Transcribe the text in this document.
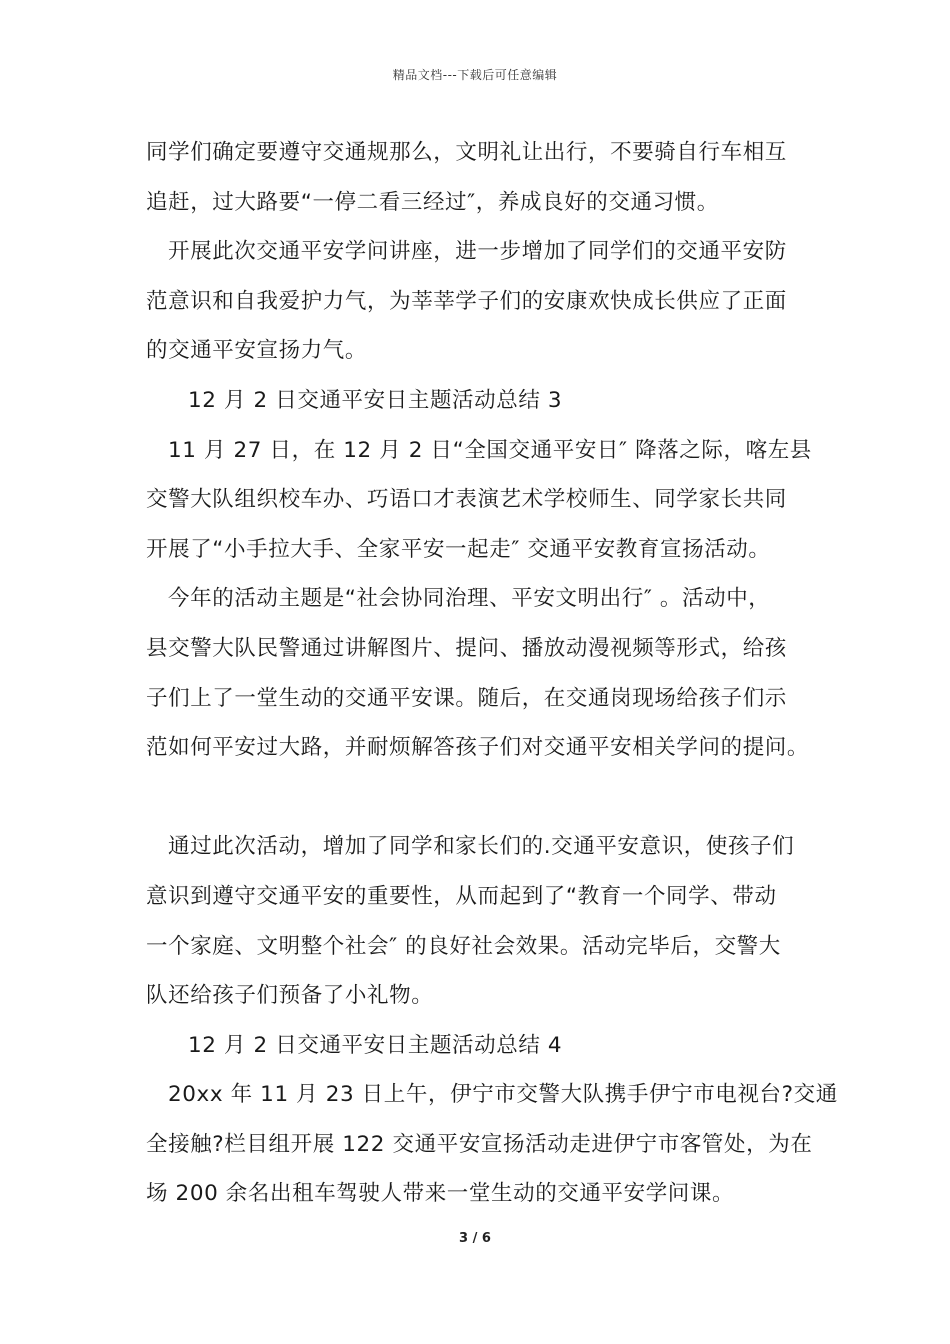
精品文档---下载后可任意编辑
同学们确定要遵守交通规那么，文明礼让出行，不要骑自行车相互
追赶，过大路要“一停二看三经过″，养成良好的交通习惯。
开展此次交通平安学问讲座，进一步增加了同学们的交通平安防
范意识和自我爱护力气，为莘莘学子们的安康欢快成长供应了正面
的交通平安宣扬力气。
12 月 2 日交通平安日主题活动总结 3
11 月 27 日，在 12 月 2 日“全国交通平安日″ 降落之际，喀左县
交警大队组织校车办、巧语口才表演艺术学校师生、同学家长共同
开展了“小手拉大手、全家平安一起走″ 交通平安教育宣扬活动。
今年的活动主题是“社会协同治理、平安文明出行″ 。活动中，
县交警大队民警通过讲解图片、提问、播放动漫视频等形式，给孩
子们上了一堂生动的交通平安课。随后，在交通岗现场给孩子们示
范如何平安过大路，并耐烦解答孩子们对交通平安相关学问的提问。
通过此次活动，增加了同学和家长们的.交通平安意识，使孩子们
意识到遵守交通平安的重要性，从而起到了“教育一个同学、带动
一个家庭、文明整个社会″ 的良好社会效果。活动完毕后，交警大
队还给孩子们预备了小礼物。
12 月 2 日交通平安日主题活动总结 4
20xx 年 11 月 23 日上午，伊宁市交警大队携手伊宁市电视台?交通
全接触?栏目组开展 122 交通平安宣扬活动走进伊宁市客管处，为在
场 200 余名出租车驾驶人带来一堂生动的交通平安学问课。
3 / 6
